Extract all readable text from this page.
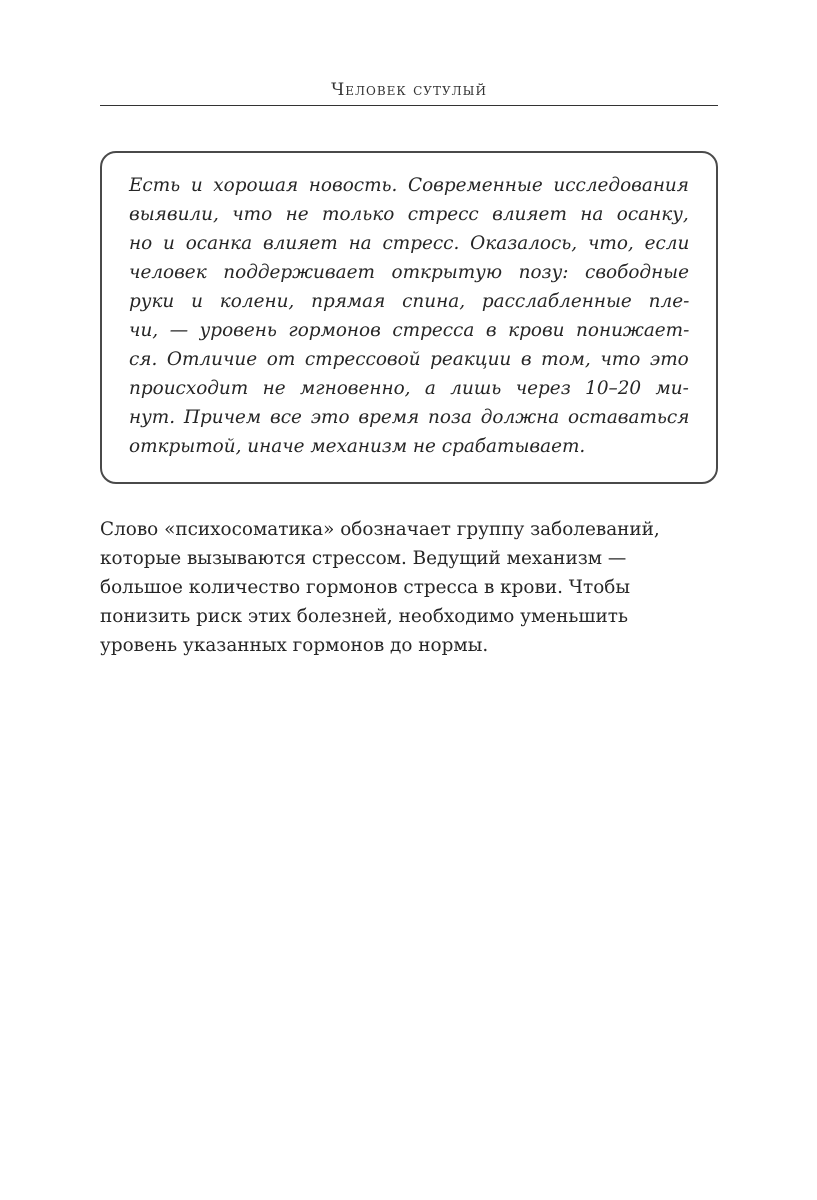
Человек сутулый
Есть и хорошая новость. Современные исследования
выявили, что не только стресс влияет на осанку,
но и осанка влияет на стресс. Оказалось, что, если
человек поддерживает открытую позу: свободные
руки и колени, прямая спина, расслабленные пле-
чи, — уровень гормонов стресса в крови понижает-
ся. Отличие от стрессовой реакции в том, что это
происходит не мгновенно, а лишь через 10–20 ми-
нут. Причем все это время поза должна оставаться
открытой, иначе механизм не срабатывает.
Слово «психосоматика» обозначает группу заболеваний,
которые вызываются стрессом. Ведущий механизм —
большое количество гормонов стресса в крови. Чтобы
понизить риск этих болезней, необходимо уменьшить
уровень указанных гормонов до нормы.
